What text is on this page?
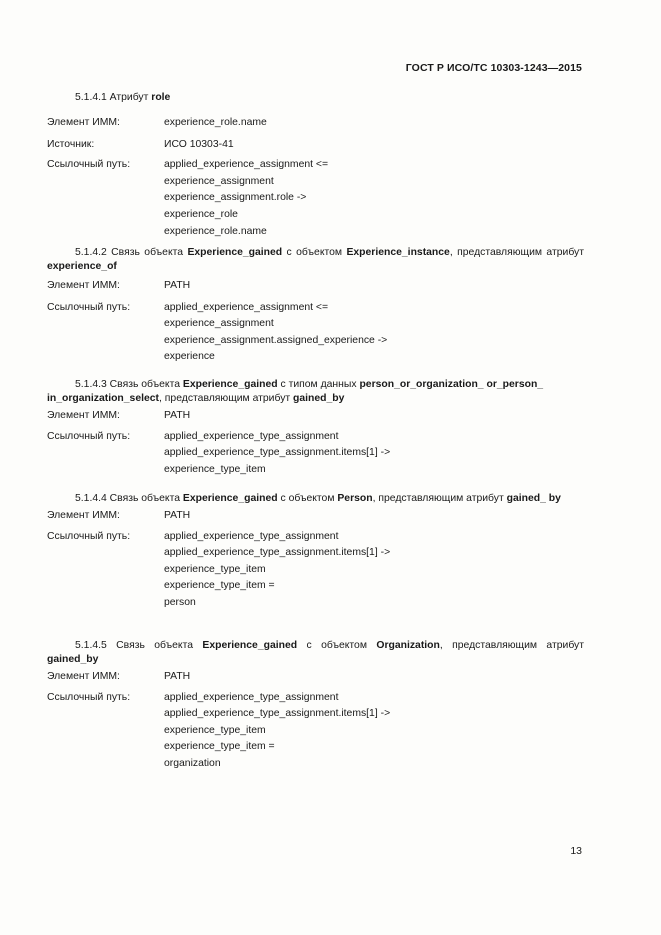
ГОСТ Р ИСО/ТС 10303-1243—2015

5.1.4.1 Атрибут role

Элемент ИММ:	experience_role.name
Источник:	ИСО 10303-41
Ссылочный путь:	applied_experience_assignment <=
experience_assignment
experience_assignment.role ->
experience_role
experience_role.name

5.1.4.2 Связь объекта Experience_gained с объектом Experience_instance, представляющим атрибут experience_of

Элемент ИММ:	PATH
Ссылочный путь:	applied_experience_assignment <=
experience_assignment
experience_assignment.assigned_experience ->
experience

5.1.4.3 Связь объекта Experience_gained с типом данных person_or_organization_ or_person_ in_organization_select, представляющим атрибут gained_by

Элемент ИММ:	PATH
Ссылочный путь:	applied_experience_type_assignment
applied_experience_type_assignment.items[1] ->
experience_type_item

5.1.4.4 Связь объекта Experience_gained с объектом Person, представляющим атрибут gained_ by

Элемент ИММ:	PATH
Ссылочный путь:	applied_experience_type_assignment
applied_experience_type_assignment.items[1] ->
experience_type_item
experience_type_item =
person

5.1.4.5 Связь объекта Experience_gained с объектом Organization, представляющим атрибут gained_by

Элемент ИММ:	PATH
Ссылочный путь:	applied_experience_type_assignment
applied_experience_type_assignment.items[1] ->
experience_type_item
experience_type_item =
organization
13
